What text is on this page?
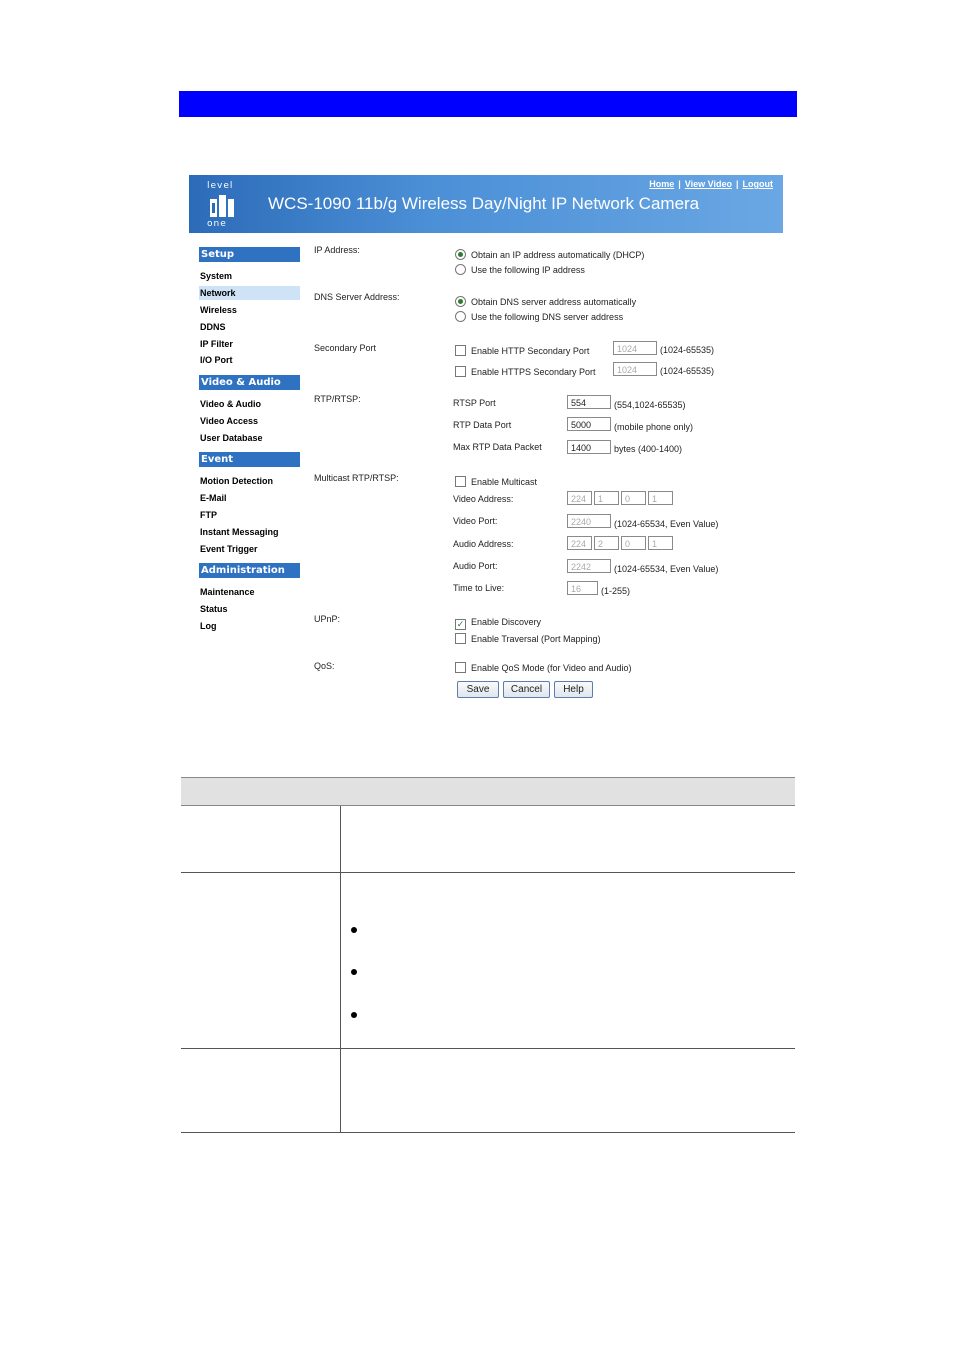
level
one
WCS-1090 11b/g Wireless Day/Night IP Network Camera
Home | View Video | Logout
Setup
System
Network
Wireless
DDNS
IP Filter
I/O Port
Video & Audio
Video & Audio
Video Access
User Database
Event
Motion Detection
E-Mail
FTP
Instant Messaging
Event Trigger
Administration
Maintenance
Status
Log
IP Address:	Obtain an IP address automatically (DHCP)
Use the following IP address
DNS Server Address:	Obtain DNS server address automatically
Use the following DNS server address
Secondary Port	Enable HTTP Secondary Port	1024	(1024-65535)
Enable HTTPS Secondary Port	1024	(1024-65535)
RTP/RTSP:	RTSP Port	554	(554,1024-65535)
RTP Data Port	5000	(mobile phone only)
Max RTP Data Packet	1400	bytes (400-1400)
Multicast RTP/RTSP:	Enable Multicast
Video Address:	224	1	0	1
Video Port:	2240	(1024-65534, Even Value)
Audio Address:	224	2	0	1
Audio Port:	2242	(1024-65534, Even Value)
Time to Live:	16	(1-255)
UPnP:	✓ Enable Discovery
Enable Traversal (Port Mapping)
QoS:	Enable QoS Mode (for Video and Audio)
Save	Cancel	Help
